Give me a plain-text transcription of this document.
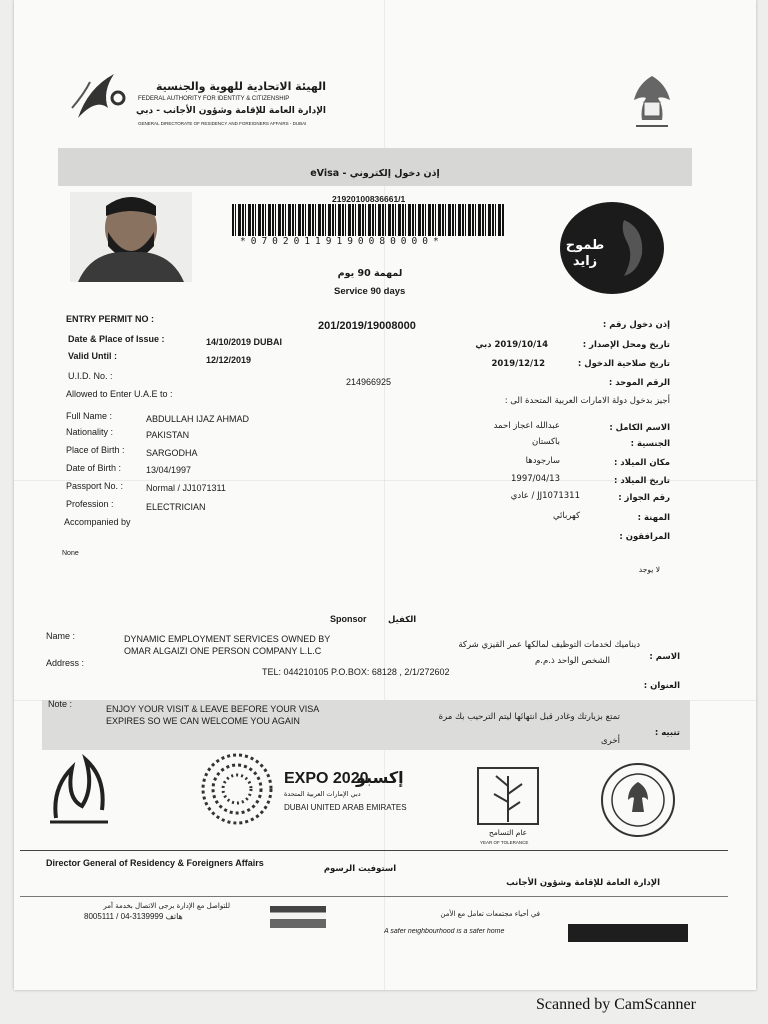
الهيئة الاتحادية للهوية والجنسية
FEDERAL AUTHORITY FOR IDENTITY & CITIZENSHIP
الإدارة العامة للإقامة وشؤون الأجانب - دبي
GENERAL DIRECTORATE OF RESIDENCY AND FOREIGNERS AFFAIRS - DUBAI
إذن دخول إلكتروني - eVisa
21920100836661/1
*07020119190080000*	طموح زايد
لمهمة 90 يوم
Service 90 days
ENTRY PERMIT NO :
201/2019/19008000	إذن دخول رقم :
Date & Place of Issue :	14/10/2019 DUBAI	2019/10/14 دبي	تاريخ ومحل الإصدار :
Valid Until :	12/12/2019	2019/12/12	تاريخ صلاحية الدخول :
U.I.D. No. :
214966925	الرقم الموحد :
Allowed to Enter U.A.E to :
أجيز بدخول دولة الامارات العربية المتحدة الى :
Full Name :	ABDULLAH IJAZ AHMAD
Nationality :	PAKISTAN
Place of Birth : SARGODHA
Date of Birth :	13/04/1997
Passport No. :	Normal / JJ1071311
Profession :	ELECTRICIAN
عبدالله اعجاز احمد	الاسم الكامل :
باكستان	الجنسية :
سارجودها	مكان الميلاد :
1997/04/13	تاريخ الميلاد :
JJ1071311 / عادي	رقم الجواز :
كهربائي	المهنة :
Accompanied by
المرافقون :
None
لا يوجد
Sponsor	الكفيل
Name :	DYNAMIC EMPLOYMENT SERVICES OWNED BY
OMAR ALGAIZI ONE PERSON COMPANY L.L.C
ديناميك لخدمات التوظيف لمالكها عمر القيزي شركة
الشخص الواحد ذ.م.م	الاسم :
Address :
TEL: 044210105 P.O.BOX: 68128 , 2/1/272602
العنوان :
Note :	ENJOY YOUR VISIT & LEAVE BEFORE YOUR VISA
EXPIRES SO WE CAN WELCOME YOU AGAIN
تنبيه :
تمتع بزيارتك وغادر قبل انتهائها ليتم الترحيب بك مرة
أخرى
EXPO 2020
إكسبو
دبي الإمارات العربية المتحدة
DUBAI UNITED ARAB EMIRATES
عام التسامح
YEAR OF TOLERANCE
Director General of Residency & Foreigners Affairs
استوفيت الرسوم
الإدارة العامة للإقامة وشؤون الأجانب
للتواصل مع الإدارة برجى الاتصال بخدمة آمر
8005111 / 04-3139999 هاتف	في أحياء مجتمعات تعامل مع الأمن
A safer neighbourhood is a safer home
Scanned by CamScanner
